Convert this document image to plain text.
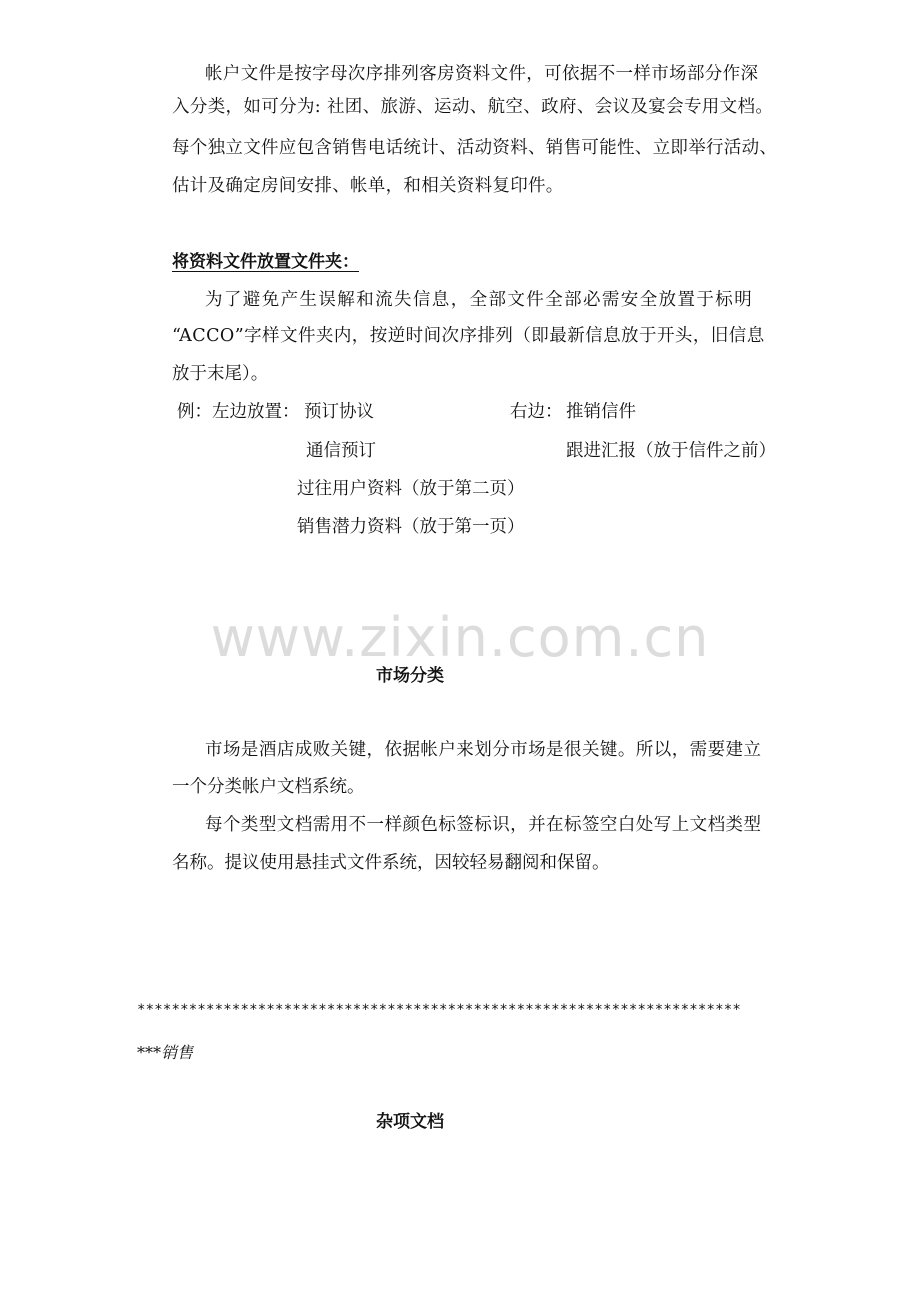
帐户文件是按字母次序排列客房资料文件，可依据不一样市场部分作深
入分类，如可分为: 社团、旅游、运动、航空、政府、会议及宴会专用文档。
每个独立文件应包含销售电话统计、活动资料、销售可能性、立即举行活动、
估计及确定房间安排、帐单，和相关资料复印件。
将资料文件放置文件夹：
为了避免产生误解和流失信息，全部文件全部必需安全放置于标明
“ACCO”字样文件夹内，按逆时间次序排列（即最新信息放于开头，旧信息
放于末尾）。
例：左边放置： 预订协议	右边： 推销信件
通信预订	跟进汇报（放于信件之前）
过往用户资料（放于第二页）
销售潜力资料（放于第一页）
www.zixin.com.cn
市场分类
市场是酒店成败关键，依据帐户来划分市场是很关键。所以，需要建立
一个分类帐户文档系统。
每个类型文档需用不一样颜色标签标识，并在标签空白处写上文档类型
名称。提议使用悬挂式文件系统，因较轻易翻阅和保留。
**********************************************************************
***销售
杂项文档
